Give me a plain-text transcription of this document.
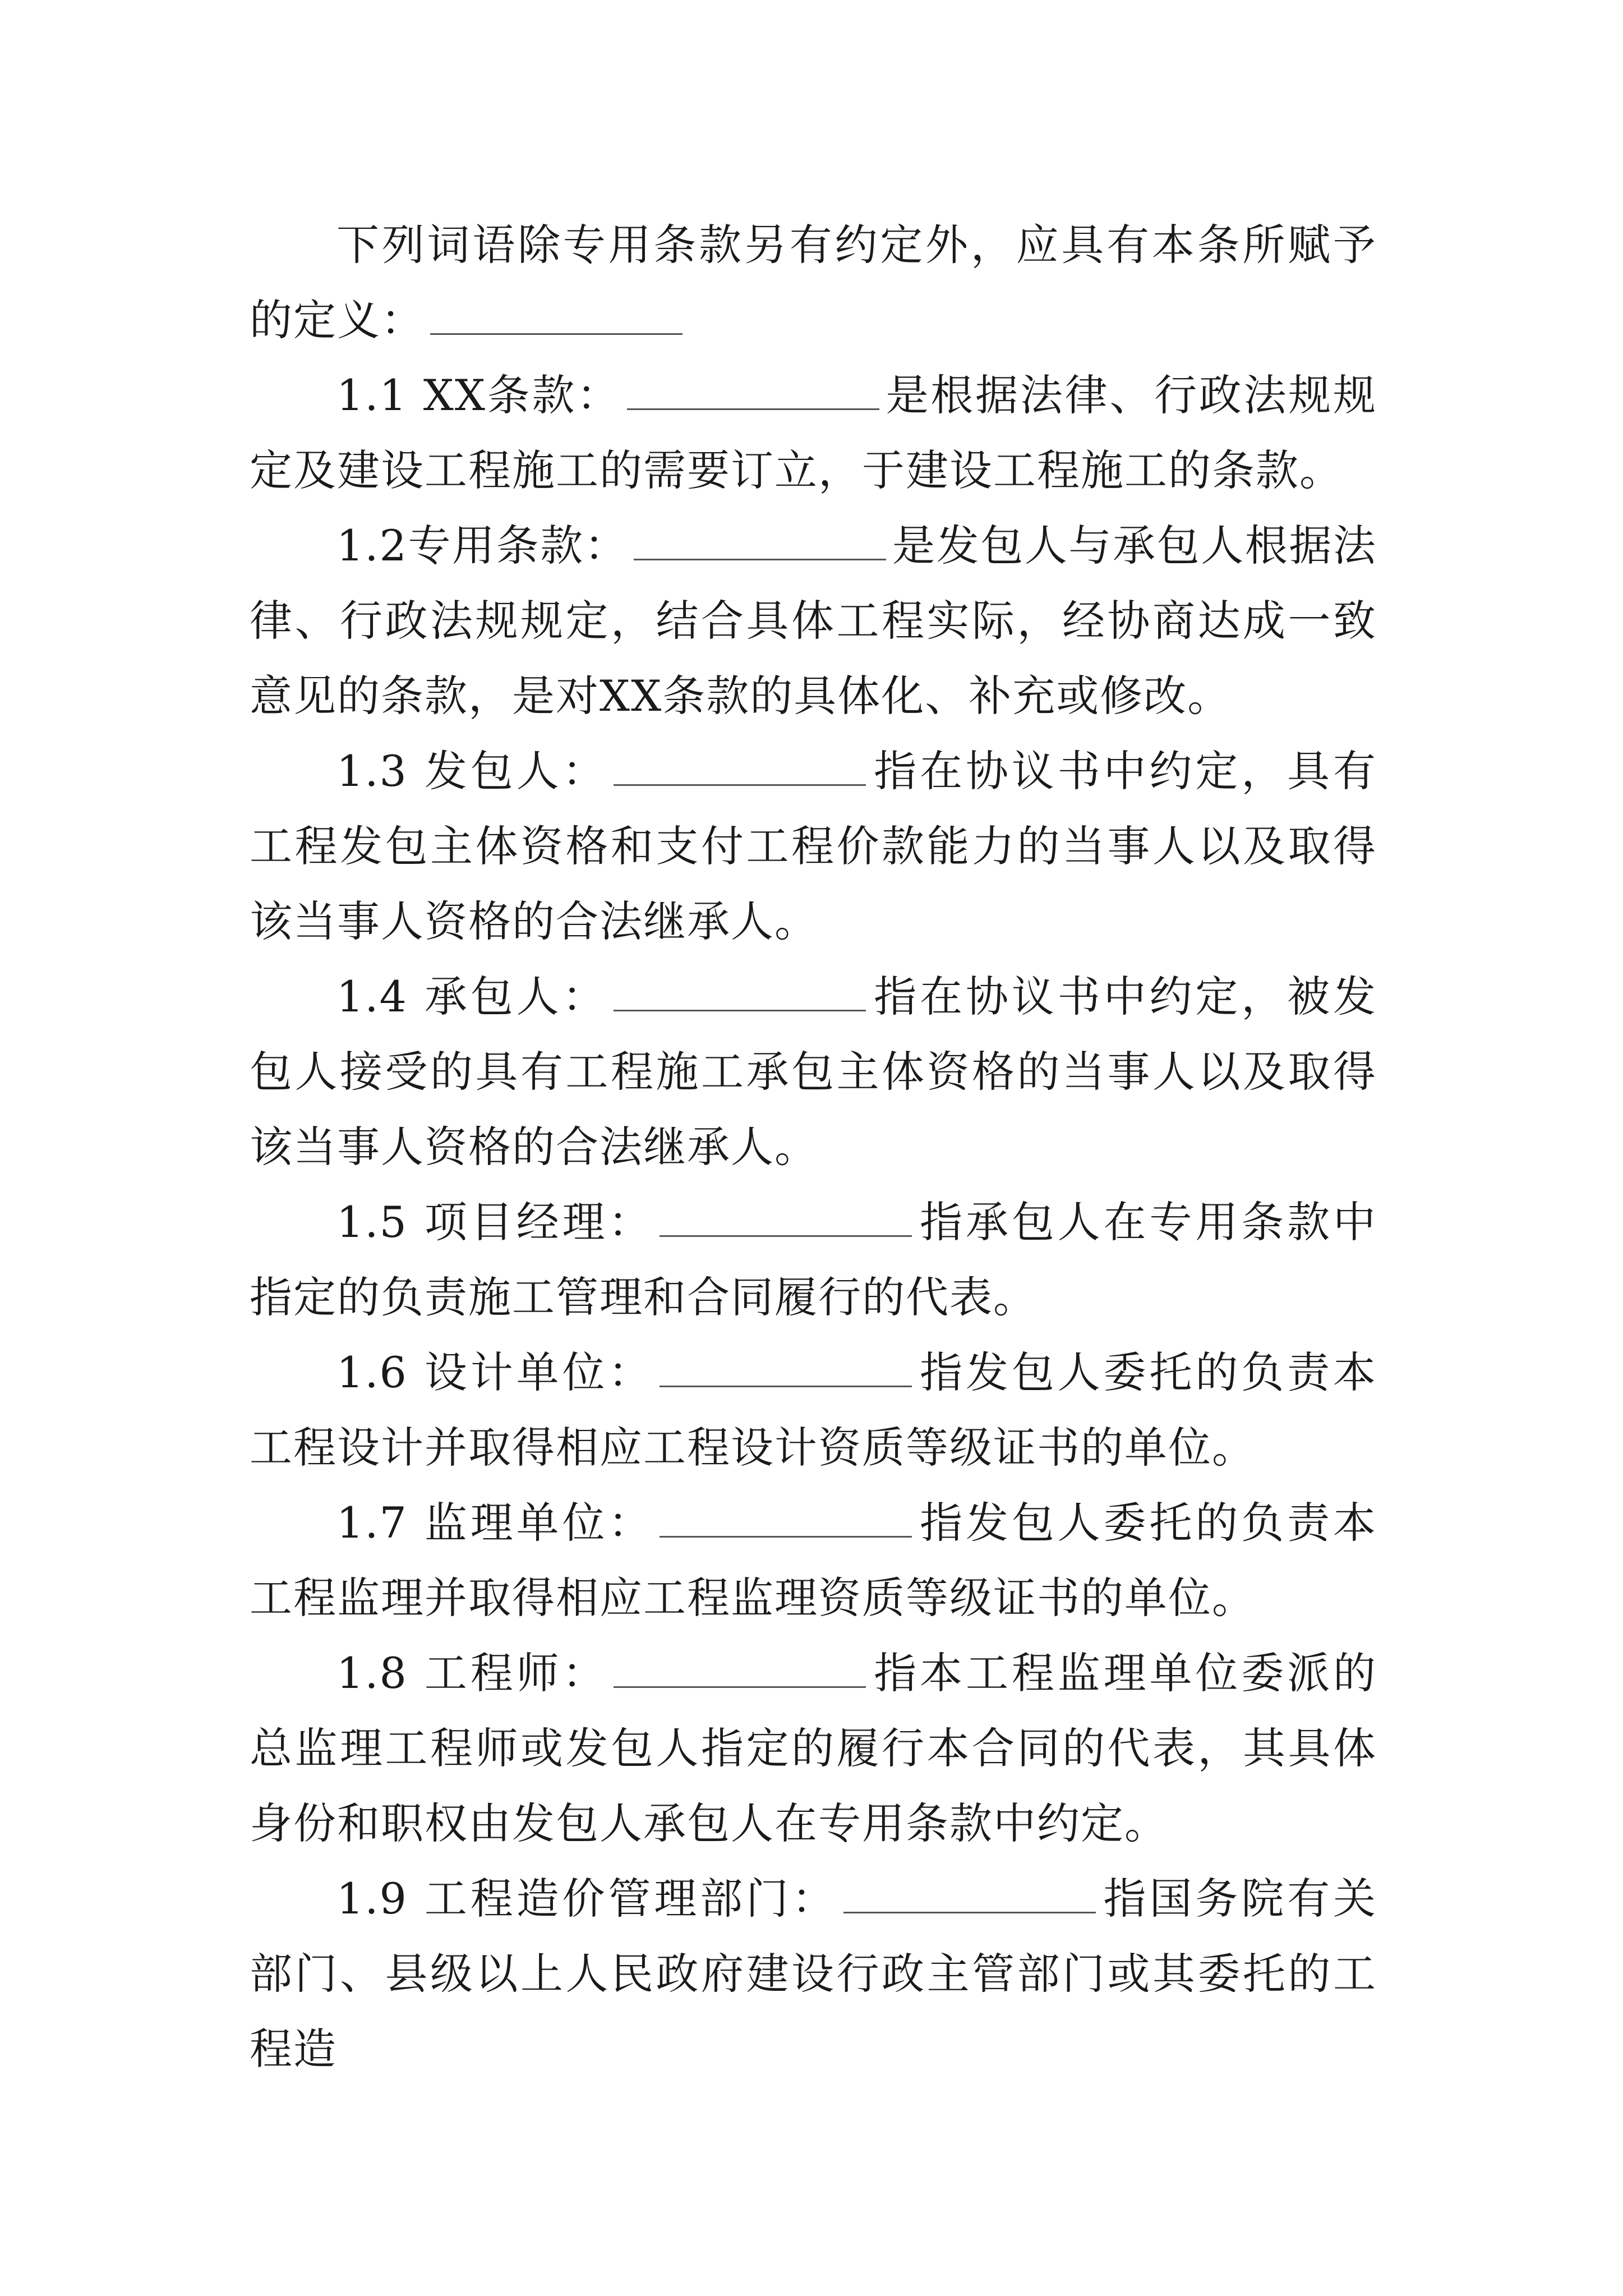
下列词语除专用条款另有约定外，应具有本条所赋予的定义：

1.1 XX条款：	是根据法律、行政法规规定及建设工程施工的需要订立，于建设工程施工的条款。

1.2专用条款：	是发包人与承包人根据法律、行政法规规定，结合具体工程实际，经协商达成一致意见的条款，是对XX条款的具体化、补充或修改。

1.3 发包人：	指在协议书中约定，具有工程发包主体资格和支付工程价款能力的当事人以及取得该当事人资格的合法继承人。

1.4 承包人：	指在协议书中约定，被发包人接受的具有工程施工承包主体资格的当事人以及取得该当事人资格的合法继承人。

1.5 项目经理：	指承包人在专用条款中指定的负责施工管理和合同履行的代表。

1.6 设计单位：	指发包人委托的负责本工程设计并取得相应工程设计资质等级证书的单位。

1.7 监理单位：	指发包人委托的负责本工程监理并取得相应工程监理资质等级证书的单位。

1.8 工程师：	指本工程监理单位委派的总监理工程师或发包人指定的履行本合同的代表，其具体身份和职权由发包人承包人在专用条款中约定。

1.9 工程造价管理部门：	指国务院有关部门、县级以上人民政府建设行政主管部门或其委托的工程造
